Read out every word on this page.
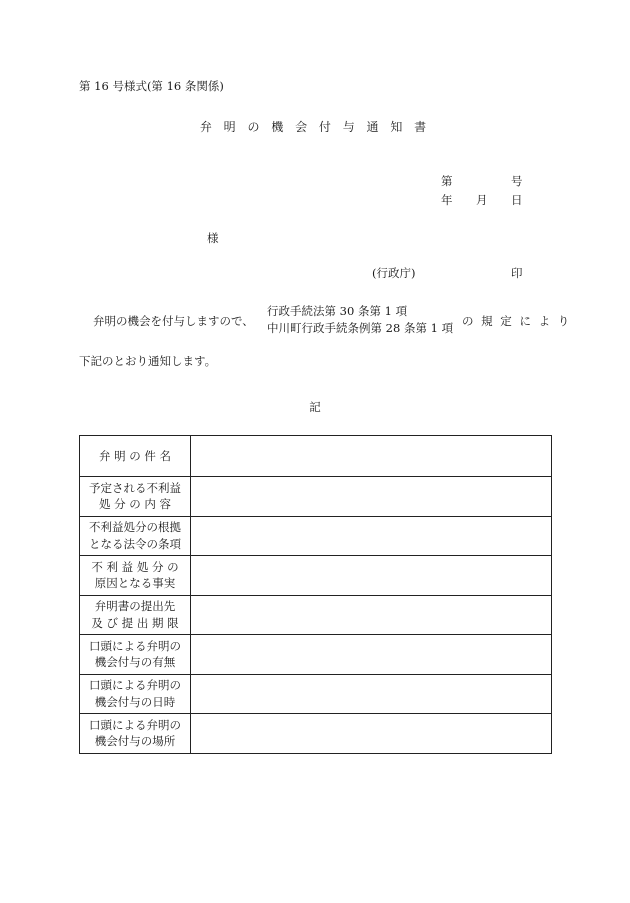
第 16 号様式(第 16 条関係)
弁 明 の 機 会 付 与 通 知 書
第	号
年 月 日
様
(行政庁)	印
弁明の機会を付与しますので、
行政手続法第 30 条第 1 項
中川町行政手続条例第 28 条第 1 項 の 規 定 に よ り
下記のとおり通知します。
記
弁 明 の 件 名	

予定される不利益
処 分 の 内 容	

不利益処分の根拠
となる法令の条項	

不 利 益 処 分 の
原因となる事実	

弁明書の提出先
及 び 提 出 期 限	

口頭による弁明の
機会付与の有無	

口頭による弁明の
機会付与の日時	

口頭による弁明の
機会付与の場所	
